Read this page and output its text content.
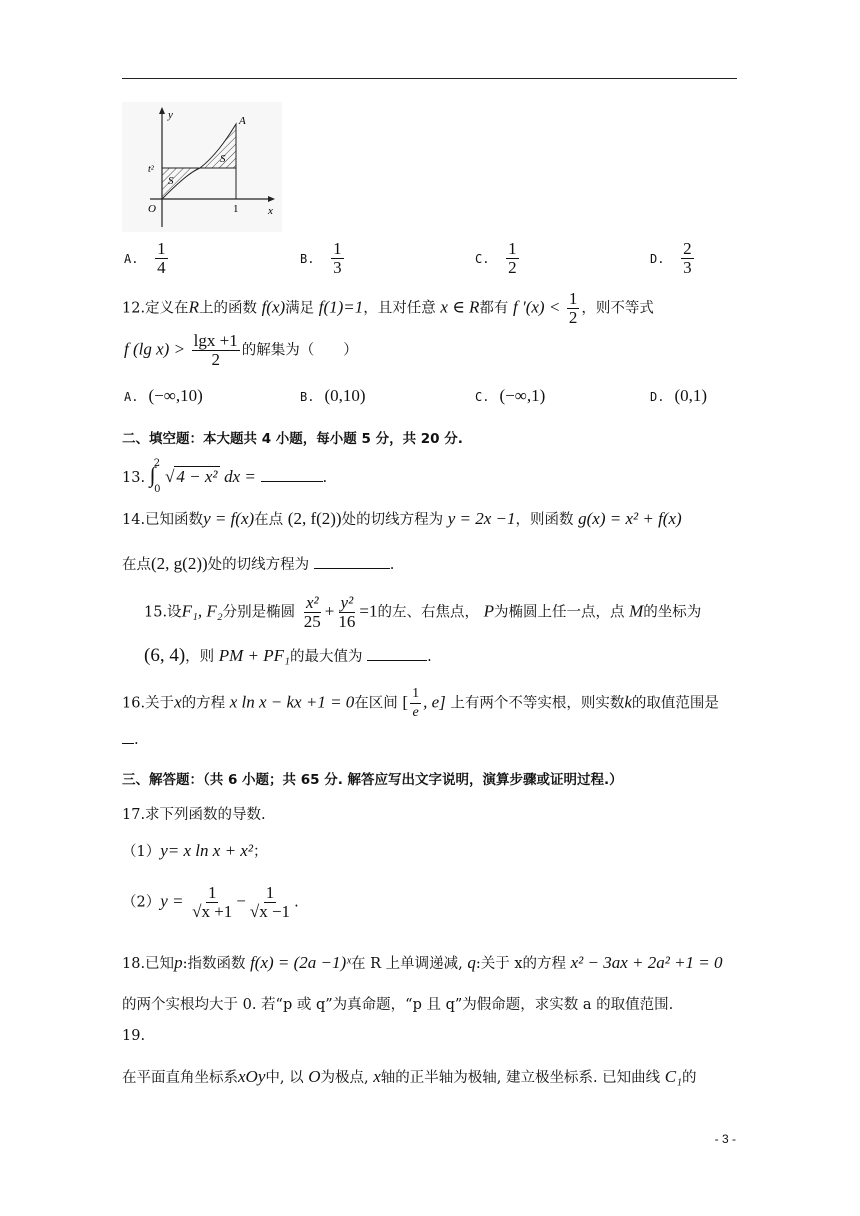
y
x
O	1
A
t²
S
S
A. $\frac{1}{4}$	B. $\frac{1}{3}$	C. $\frac{1}{2}$	D. $\frac{2}{3}$
12.定义在R上的函数 f(x)满足 f(1)=1，且对任意 x ∈ R都有 f $'(x) < \frac{1}{2}$ ，则不等式
f (lg $x) > \frac{\lg x +1}{2}$ 的解集为（　　）
A. (−∞,10)	B. (0,10)	C. (−∞,1)	D. (0,1)
二、填空题：本大题共 4 小题，每小题 5 分，共 20 分.
13. ∫$^2_0$ √ 4 − x² dx =	.
14.已知函数y = f(x)在点 (2, f(2))处的切线方程为 y = 2x −1，则函数 g(x) = x² + f(x)
在点(2, g(2))处的切线方程为	.
15.设F₁, F₂分别是椭圆 $\frac{\text{x²}}{25} + \frac{\text{y²}}{16} =1$的左、右焦点， P为椭圆上任一点，点 M的坐标为
(6, 4)，则 PM + PF₁的最大值为	.
16.关于x的方程 x ln x − kx +1 = 0在区间 [ $\frac{1}{e}$ , e] 上有两个不等实根，则实数k的取值范围是
.
三、解答题：（共 6 小题；共 65 分. 解答应写出文字说明，演算步骤或证明过程.）
17.求下列函数的导数.
（1）y= x ln x + x²；
$(2)y = \frac{1}{√x +1} - \frac{1}{√x -1}$ .
18.已知p:指数函数 f(x) = (2a −1)ˣ在 R 上单调递减, q:关于 x的方程 x² − 3ax + 2a² +1 = 0
的两个实根均大于 0. 若“p 或 q”为真命题，“p 且 q”为假命题，求实数 a 的取值范围.
19.
在平面直角坐标系xOy中, 以 O为极点, x轴的正半轴为极轴, 建立极坐标系. 已知曲线 C₁的
- 3 -
